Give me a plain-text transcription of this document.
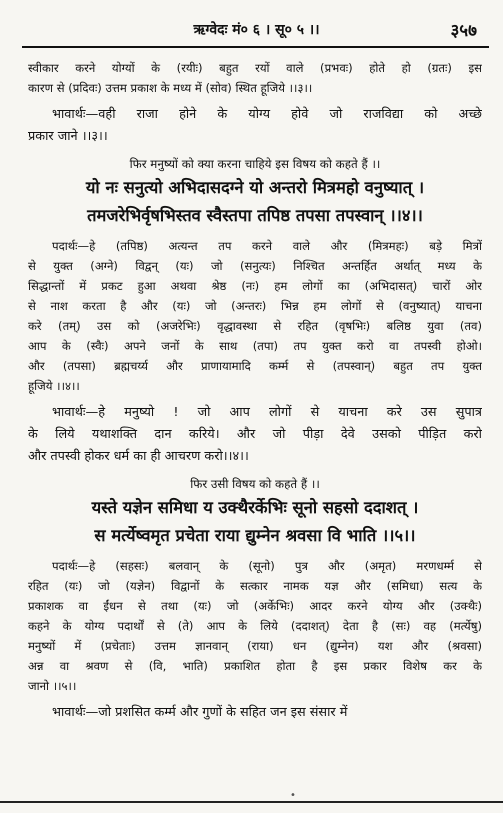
ऋग्वेदः मं० ६ । सू० ५ ।।	३५७
स्वीकार करने योग्यों के (रयीः) बहुत रयों वाले (प्रभवः) होते हो (ग्रतः) इस
कारण से (प्रदिवः) उत्तम प्रकाश के मध्य में (सोव) स्थित हूजिये ।।३।।
भावार्थः—वही राजा होने के योग्य होवे जो राजविद्या को अच्छे
प्रकार जाने ।।३।।
फिर मनुष्यों को क्या करना चाहिये इस विषय को कहते हैं ।।
यो नः सनुत्यो अभिदासदग्ने यो अन्तरो मित्रमहो वनुष्यात् ।
तमजरेभिर्वृषभिस्तव स्वैस्तपा तपिष्ठ तपसा तपस्वान् ।।४।।
पदार्थः—हे (तपिष्ठ) अत्यन्त तप करने वाले और (मित्रमहः) बड़े मित्रों
से युक्त (अग्ने) विद्वन् (यः) जो (सनुत्यः) निश्चित अन्तर्हित अर्थात् मध्य के
सिद्धान्तों में प्रकट हुआ अथवा श्रेष्ठ (नः) हम लोगों का (अभिदासत्) चारों ओर
से नाश करता है और (यः) जो (अन्तरः) भिन्न हम लोगों से (वनुष्यात्) याचना
करे (तम्) उस को (अजरेभिः) वृद्धावस्था से रहित (वृषभिः) बलिष्ठ युवा (तव)
आप के (स्वैः) अपने जनों के साथ (तपा) तप युक्त करो वा तपस्वी होओ।
और (तपसा) ब्रह्मचर्य्य और प्राणायामादि कर्म्म से (तपस्वान्) बहुत तप युक्त
हूजिये ।।४।।
भावार्थः—हे मनुष्यो ! जो आप लोगों से याचना करे उस सुपात्र
के लिये यथाशक्ति दान करिये। और जो पीड़ा देवे उसको पीड़ित करो
और तपस्वी होकर धर्म का ही आचरण करो।।४।।
फिर उसी विषय को कहते हैं ।।
यस्ते यज्ञेन समिधा य उक्थैरर्केभिः सूनो सहसो ददाशत् ।
स मर्त्येष्वमृत प्रचेता राया द्युम्नेन श्रवसा वि भाति ।।५।।
पदार्थः—हे (सहसः) बलवान् के (सूनो) पुत्र और (अमृत) मरणधर्म्म से
रहित (यः) जो (यज्ञेन) विद्वानों के सत्कार नामक यज्ञ और (समिधा) सत्य के
प्रकाशक वा ईंधन से तथा (यः) जो (अर्केभिः) आदर करने योग्य और (उक्थैः)
कहने के योग्य पदार्थों से (ते) आप के लिये (ददाशत्) देता है (सः) वह (मर्त्येषु)
मनुष्यों में (प्रचेताः) उत्तम ज्ञानवान् (राया) धन (द्युम्नेन) यश और (श्रवसा)
अन्न वा श्रवण से (वि, भाति) प्रकाशित होता है इस प्रकार विशेष कर के
जानो ।।५।।
भावार्थः—जो प्रशसित कर्म्म और गुणों के सहित जन इस संसार में
•
